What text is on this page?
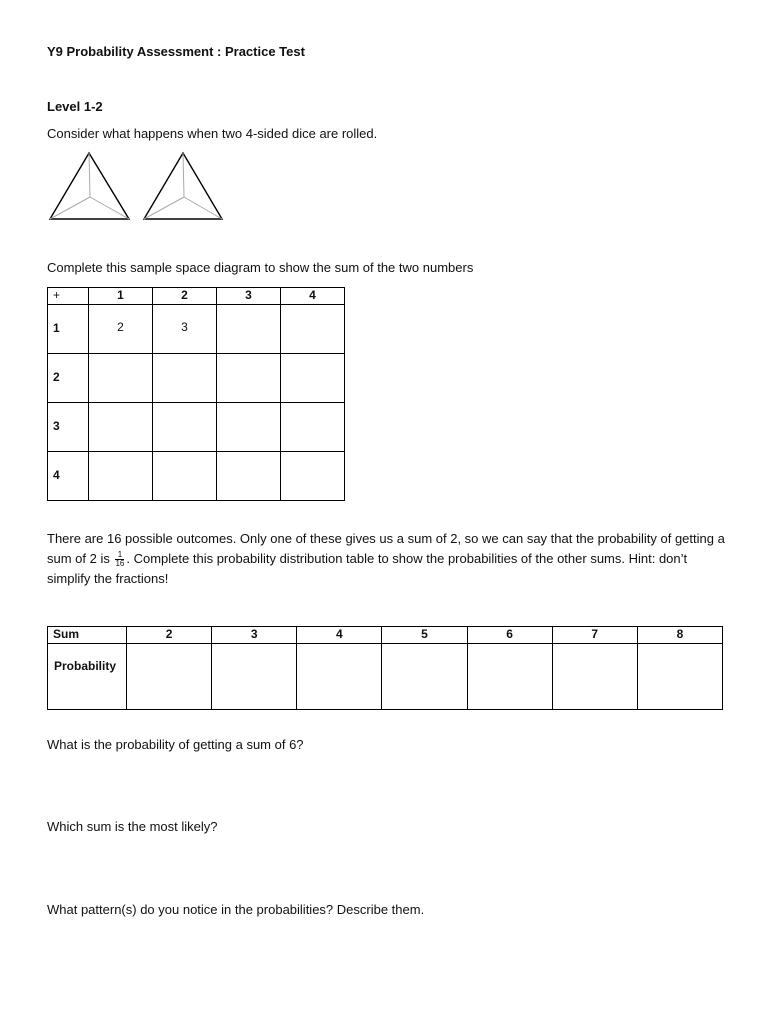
Y9 Probability Assessment : Practice Test
Level 1-2
Consider what happens when two 4-sided dice are rolled.
Complete this sample space diagram to show the sum of the two numbers
+	1	2	3	4
1	2	3		
2				
3				
4				
There are 16 possible outcomes. Only one of these gives us a sum of 2, so we can say that the probability of getting a sum of 2 is $\frac{1}{16}$ . Complete this probability distribution table to show the probabilities of the other sums. Hint: don’t simplify the fractions!
Sum	2	3	4	5	6	7	8
Probability							
What is the probability of getting a sum of 6?
Which sum is the most likely?
What pattern(s) do you notice in the probabilities? Describe them.
